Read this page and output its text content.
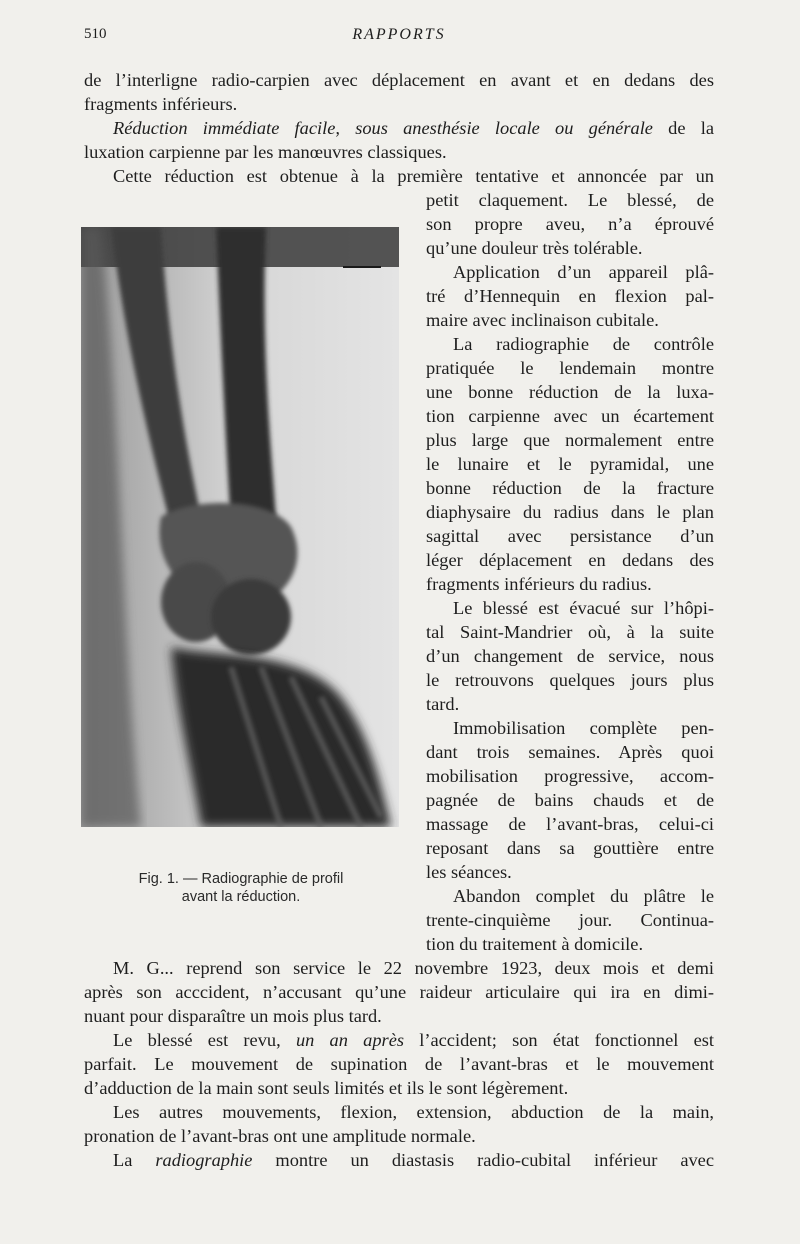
510	RAPPORTS
de l’interligne radio-carpien avec déplacement en avant et en dedans des
fragments inférieurs.
Réduction immédiate facile, sous anesthésie locale ou générale de la
luxation carpienne par les manœuvres classiques.
Cette réduction est obtenue à la première tentative et annoncée par un
petit claquement. Le blessé, de
son propre aveu, n’a éprouvé
qu’une douleur très tolérable.
Application d’un appareil plâ-
tré d’Hennequin en flexion pal-
maire avec inclinaison cubitale.
La radiographie de contrôle
pratiquée le lendemain montre
une bonne réduction de la luxa-
tion carpienne avec un écartement
plus large que normalement entre
le lunaire et le pyramidal, une
bonne réduction de la fracture
diaphysaire du radius dans le plan
sagittal avec persistance d’un
léger déplacement en dedans des
fragments inférieurs du radius.
Le blessé est évacué sur l’hôpi-
tal Saint-Mandrier où, à la suite
d’un changement de service, nous
le retrouvons quelques jours plus
tard.
Immobilisation complète pen-
dant trois semaines. Après quoi
mobilisation progressive, accom-
pagnée de bains chauds et de
massage de l’avant-bras, celui-ci
reposant dans sa gouttière entre
les séances.
Abandon complet du plâtre le
trente-cinquième jour. Continua-
tion du traitement à domicile.
M. G... reprend son service le 22 novembre 1923, deux mois et demi
après son acccident, n’accusant qu’une raideur articulaire qui ira en dimi-
nuant pour disparaître un mois plus tard.
Le blessé est revu, un an après l’accident; son état fonctionnel est
parfait. Le mouvement de supination de l’avant-bras et le mouvement
d’adduction de la main sont seuls limités et ils le sont légèrement.
Les autres mouvements, flexion, extension, abduction de la main,
pronation de l’avant-bras ont une amplitude normale.
La radiographie montre un diastasis radio-cubital inférieur avec
Fig. 1. — Radiographie de profil
avant la réduction.
